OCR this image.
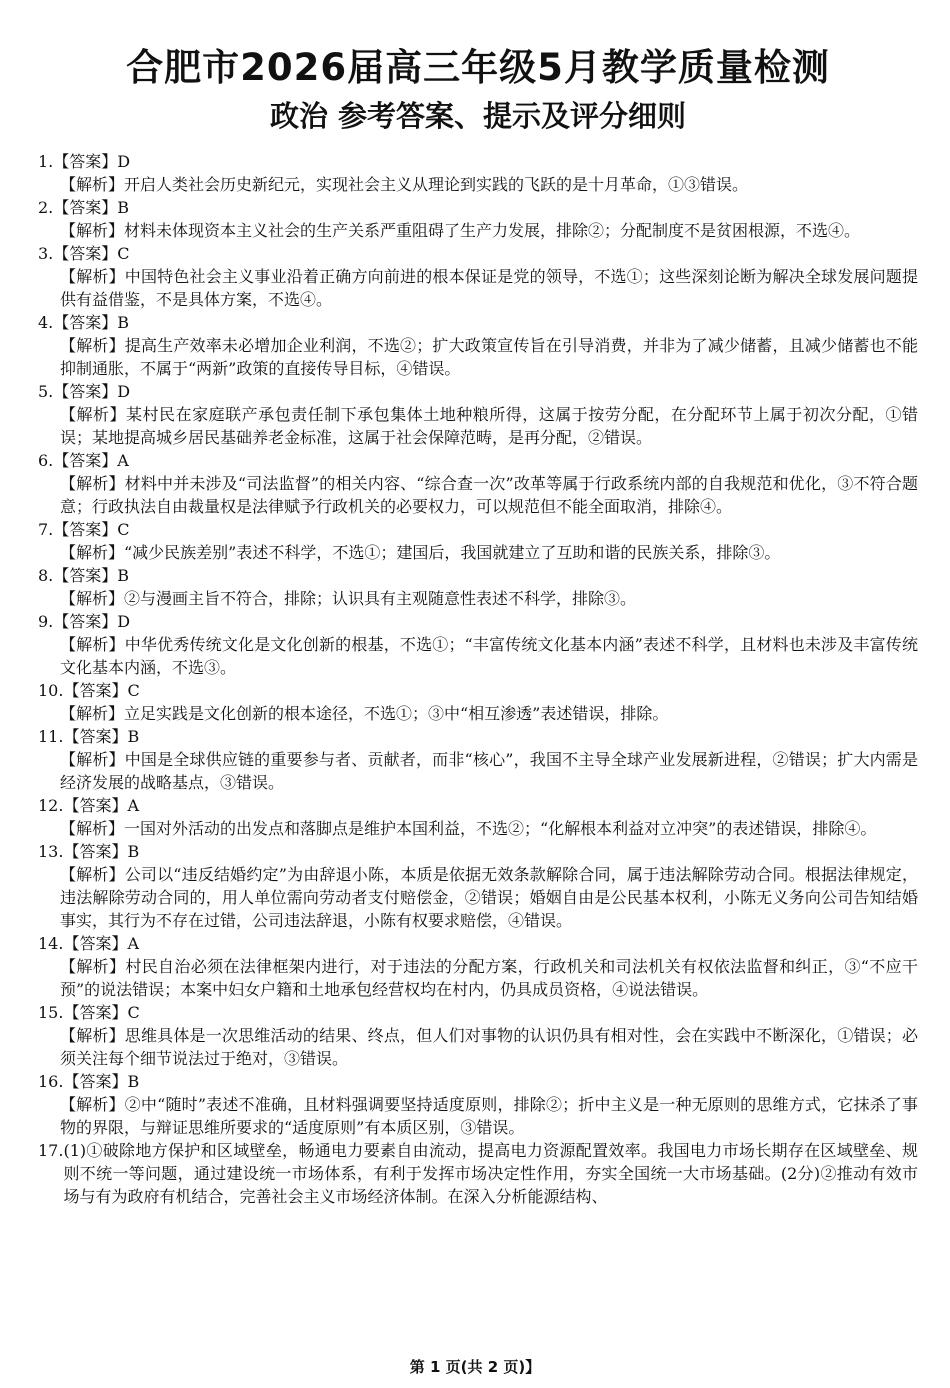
合肥市2026届高三年级5月教学质量检测
政治 参考答案、提示及评分细则
1. 【答案】D
【解析】开启人类社会历史新纪元，实现社会主义从理论到实践的飞跃的是十月革命，①③错误。
2. 【答案】B
【解析】材料未体现资本主义社会的生产关系严重阻碍了生产力发展，排除②；分配制度不是贫困根源，不选④。
3. 【答案】C
【解析】中国特色社会主义事业沿着正确方向前进的根本保证是党的领导，不选①；这些深刻论断为解决全球发展问题提供有益借鉴，不是具体方案，不选④。
4. 【答案】B
【解析】提高生产效率未必增加企业利润，不选②；扩大政策宣传旨在引导消费，并非为了减少储蓄，且减少储蓄也不能抑制通胀，不属于“两新”政策的直接传导目标，④错误。
5. 【答案】D
【解析】某村民在家庭联产承包责任制下承包集体土地种粮所得，这属于按劳分配，在分配环节上属于初次分配，①错误；某地提高城乡居民基础养老金标准，这属于社会保障范畴，是再分配，②错误。
6. 【答案】A
【解析】材料中并未涉及“司法监督”的相关内容、“综合查一次”改革等属于行政系统内部的自我规范和优化，③不符合题意；行政执法自由裁量权是法律赋予行政机关的必要权力，可以规范但不能全面取消，排除④。
7. 【答案】C
【解析】“减少民族差别”表述不科学，不选①；建国后，我国就建立了互助和谐的民族关系，排除③。
8. 【答案】B
【解析】②与漫画主旨不符合，排除；认识具有主观随意性表述不科学，排除③。
9. 【答案】D
【解析】中华优秀传统文化是文化创新的根基，不选①；“丰富传统文化基本内涵”表述不科学，且材料也未涉及丰富传统文化基本内涵，不选③。
10. 【答案】C
【解析】立足实践是文化创新的根本途径，不选①；③中“相互渗透”表述错误，排除。
11. 【答案】B
【解析】中国是全球供应链的重要参与者、贡献者，而非“核心”，我国不主导全球产业发展新进程，②错误；扩大内需是经济发展的战略基点，③错误。
12. 【答案】A
【解析】一国对外活动的出发点和落脚点是维护本国利益，不选②；“化解根本利益对立冲突”的表述错误，排除④。
13. 【答案】B
【解析】公司以“违反结婚约定”为由辞退小陈，本质是依据无效条款解除合同，属于违法解除劳动合同。根据法律规定，违法解除劳动合同的，用人单位需向劳动者支付赔偿金，②错误；婚姻自由是公民基本权利，小陈无义务向公司告知结婚事实，其行为不存在过错，公司违法辞退，小陈有权要求赔偿，④错误。
14. 【答案】A
【解析】村民自治必须在法律框架内进行，对于违法的分配方案，行政机关和司法机关有权依法监督和纠正，③“不应干预”的说法错误；本案中妇女户籍和土地承包经营权均在村内，仍具成员资格，④说法错误。
15. 【答案】C
【解析】思维具体是一次思维活动的结果、终点，但人们对事物的认识仍具有相对性，会在实践中不断深化，①错误；必须关注每个细节说法过于绝对，③错误。
16. 【答案】B
【解析】②中“随时”表述不准确，且材料强调要坚持适度原则，排除②；折中主义是一种无原则的思维方式，它抹杀了事物的界限，与辩证思维所要求的“适度原则”有本质区别，③错误。
17. (1)①破除地方保护和区域壁垒，畅通电力要素自由流动，提高电力资源配置效率。我国电力市场长期存在区域壁垒、规则不统一等问题，通过建设统一市场体系，有利于发挥市场决定性作用，夯实全国统一大市场基础。(2分)②推动有效市场与有为政府有机结合，完善社会主义市场经济体制。在深入分析能源结构、
第 1 页(共 2 页)】
